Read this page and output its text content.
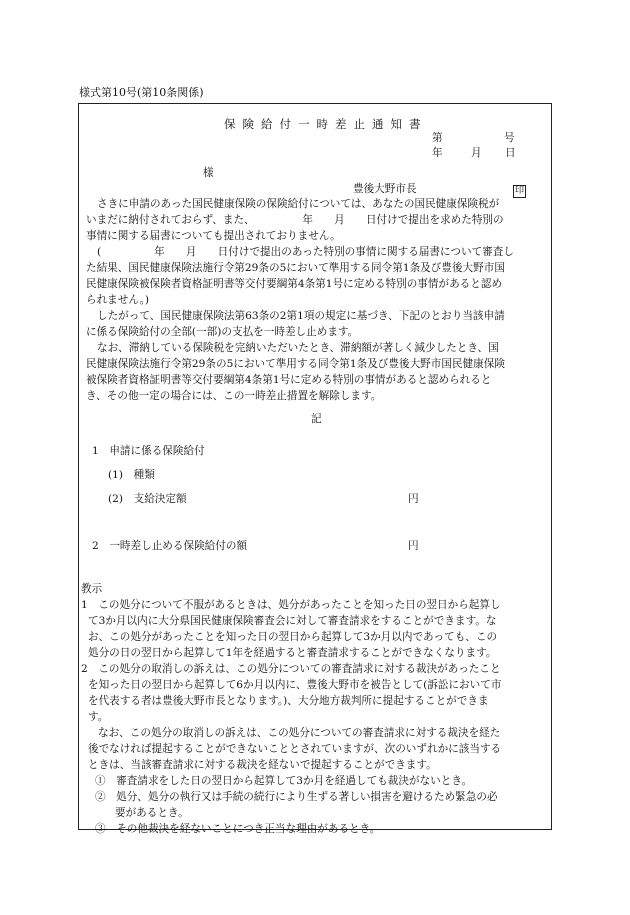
様式第10号(第10条関係)
保険給付一時差止通知書
第	号
年	月 日
様
豊後大野市長	印
さきに申請のあった国民健康保険の保険給付については、あなたの国民健康保険税が
いまだに納付されておらず、また、　　　　　年　　月　　日付けで提出を求めた特別の
事情に関する届書についても提出されておりません。
(　　　　　年　　月　　日付けで提出のあった特別の事情に関する届書について審査し
た結果、国民健康保険法施行令第29条の5において準用する同令第1条及び豊後大野市国
民健康保険被保険者資格証明書等交付要綱第4条第1号に定める特別の事情があると認め
られません。)
したがって、国民健康保険法第63条の2第1項の規定に基づき、下記のとおり当該申請
に係る保険給付の全部(一部)の支払を一時差し止めます。
なお、滞納している保険税を完納いただいたとき、滞納額が著しく減少したとき、国
民健康保険法施行令第29条の5において準用する同令第1条及び豊後大野市国民健康保険
被保険者資格証明書等交付要綱第4条第1号に定める特別の事情があると認められると
き、その他一定の場合には、この一時差止措置を解除します。
記
1　申請に係る保険給付
(1)　種類
(2)　支給決定額	円
2　一時差し止める保険給付の額	円
教示
1　この処分について不服があるときは、処分があったことを知った日の翌日から起算し
て3か月以内に大分県国民健康保険審査会に対して審査請求をすることができます。な
お、この処分があったことを知った日の翌日から起算して3か月以内であっても、この
処分の日の翌日から起算して1年を経過すると審査請求することができなくなります。
2　この処分の取消しの訴えは、この処分についての審査請求に対する裁決があったこと
を知った日の翌日から起算して6か月以内に、豊後大野市を被告として(訴訟において市
を代表する者は豊後大野市長となります。)、大分地方裁判所に提起することができま
す。
なお、この処分の取消しの訴えは、この処分についての審査請求に対する裁決を経た
後でなければ提起することができないこととされていますが、次のいずれかに該当する
ときは、当該審査請求に対する裁決を経ないで提起することができます。
①　審査請求をした日の翌日から起算して3か月を経過しても裁決がないとき。
②　処分、処分の執行又は手続の続行により生ずる著しい損害を避けるため緊急の必
要があるとき。
③　その他裁決を経ないことにつき正当な理由があるとき。
